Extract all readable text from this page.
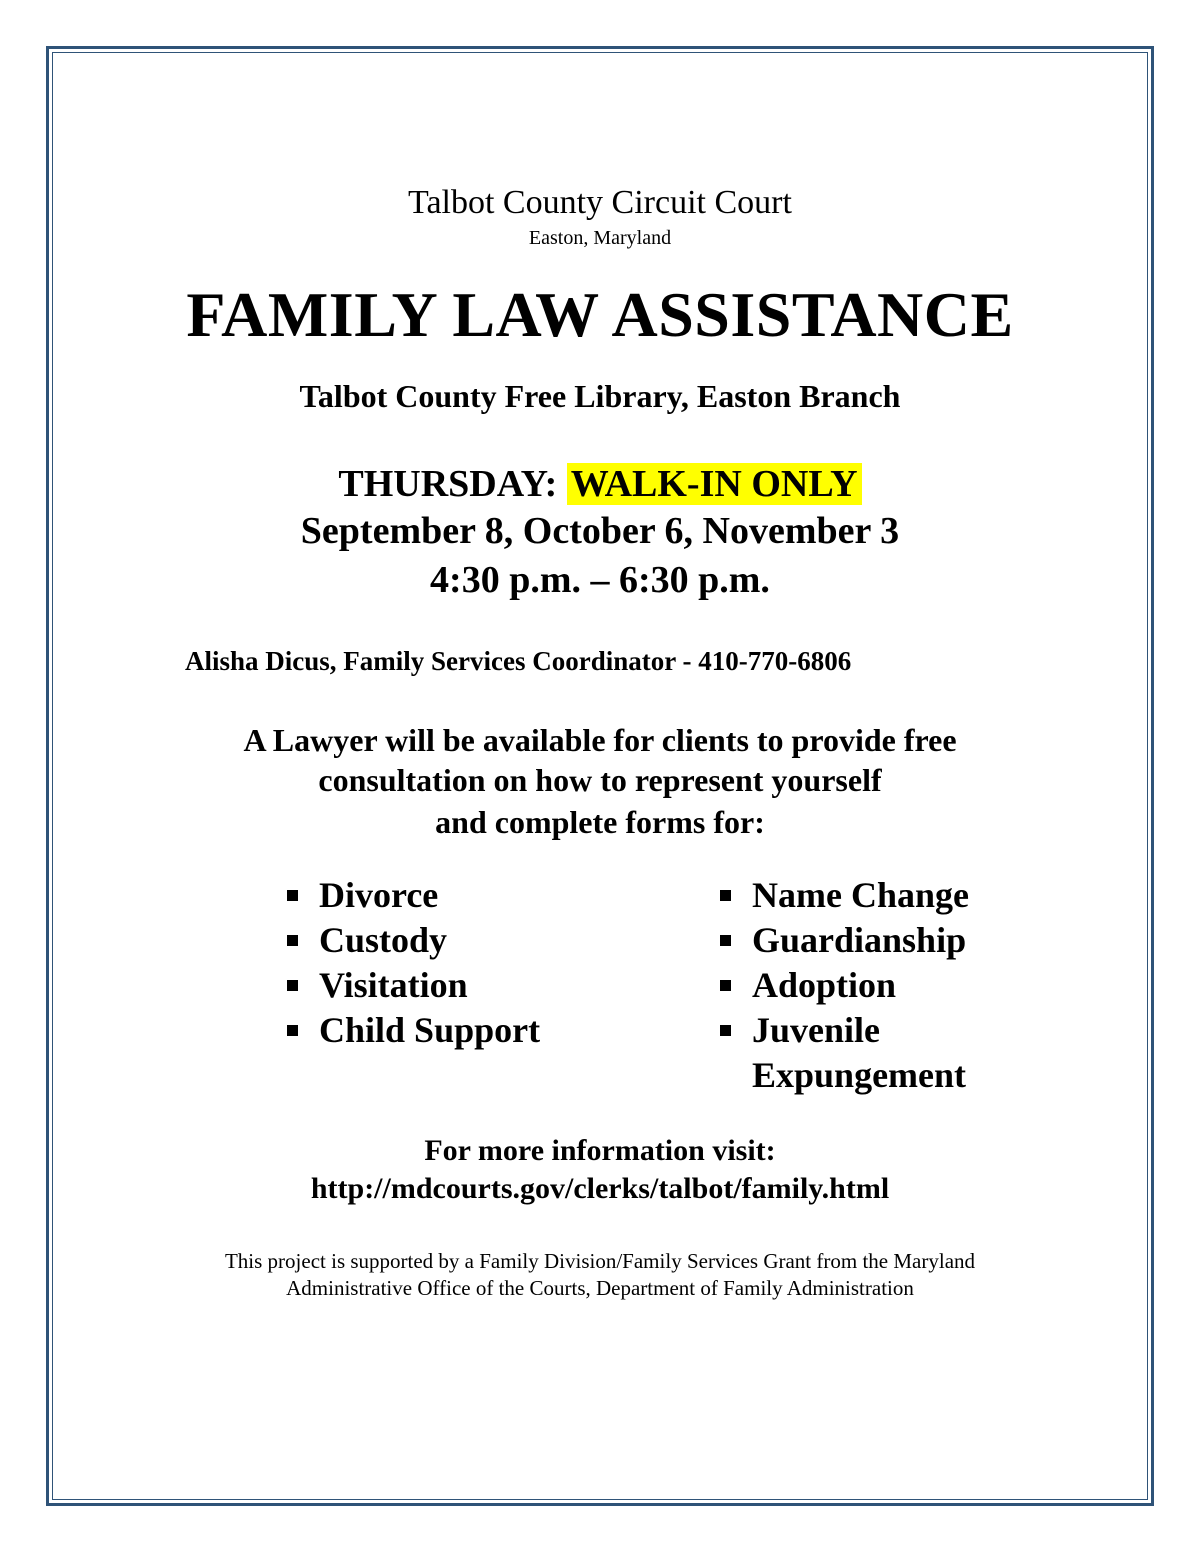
Talbot County Circuit Court
Easton, Maryland
FAMILY LAW ASSISTANCE
Talbot County Free Library, Easton Branch
THURSDAY: WALK-IN ONLY
September 8, October 6, November 3
4:30 p.m. – 6:30 p.m.
Alisha Dicus, Family Services Coordinator - 410-770-6806
A Lawyer will be available for clients to provide free
consultation on how to represent yourself
and complete forms for:
Divorce
Custody
Visitation
Child Support
Name Change
Guardianship
Adoption
Juvenile Expungement
For more information visit:
http://mdcourts.gov/clerks/talbot/family.html
This project is supported by a Family Division/Family Services Grant from the Maryland
Administrative Office of the Courts, Department of Family Administration
